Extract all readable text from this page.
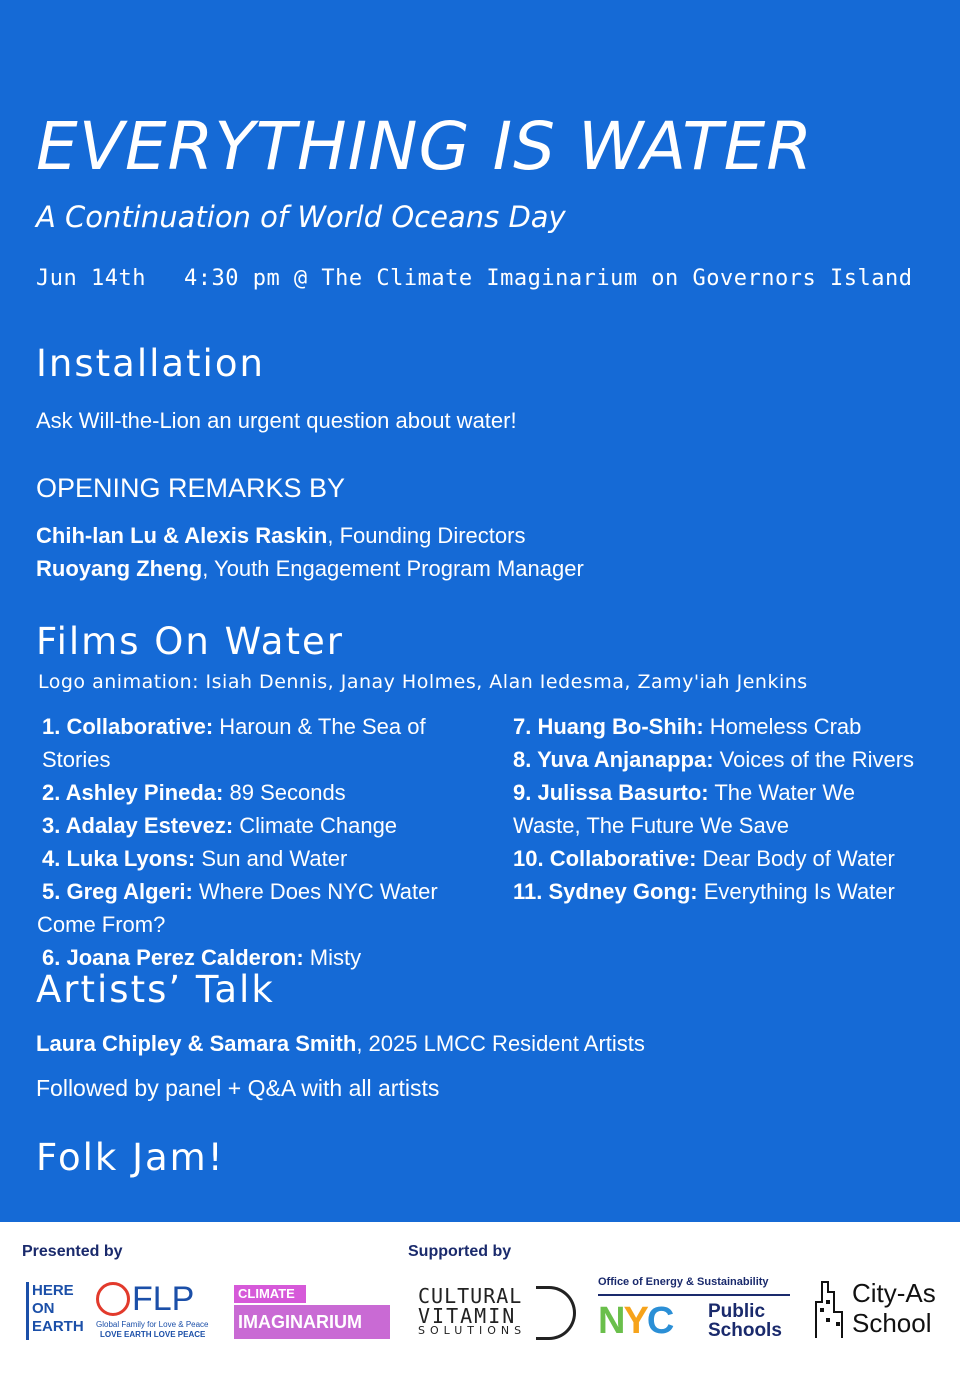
EVERYTHING IS WATER
A Continuation of World Oceans Day
Jun 14th 4:30 pm @ The Climate Imaginarium on Governors Island
Installation
Ask Will-the-Lion an urgent question about water!
OPENING REMARKS BY
Chih-lan Lu & Alexis Raskin, Founding Directors
Ruoyang Zheng, Youth Engagement Program Manager
Films On Water
Logo animation: Isiah Dennis, Janay Holmes, Alan Iedesma, Zamy'iah Jenkins
1. Collaborative: Haroun & The Sea of Stories
2. Ashley Pineda: 89 Seconds
3. Adalay Estevez: Climate Change
4. Luka Lyons: Sun and Water
5. Greg Algeri: Where Does NYC Water Come From?
6. Joana Perez Calderon: Misty
7. Huang Bo-Shih: Homeless Crab
8. Yuva Anjanappa: Voices of the Rivers
9. Julissa Basurto: The Water We Waste, The Future We Save
10. Collaborative: Dear Body of Water
11. Sydney Gong: Everything Is Water
Artists’ Talk
Laura Chipley & Samara Smith, 2025 LMCC Resident Artists
Followed by panel + Q&A with all artists
Folk Jam!
Presented by	Supported by
HERE
ON
EARTH
FLP
Global Family for Love & Peace
LOVE EARTH LOVE PEACE
CLIMATE
IMAGINARIUM
CULTURAL
VITAMIN
SOLUTIONS
Office of Energy & Sustainability
NYC Public
Schools
City-As
School
